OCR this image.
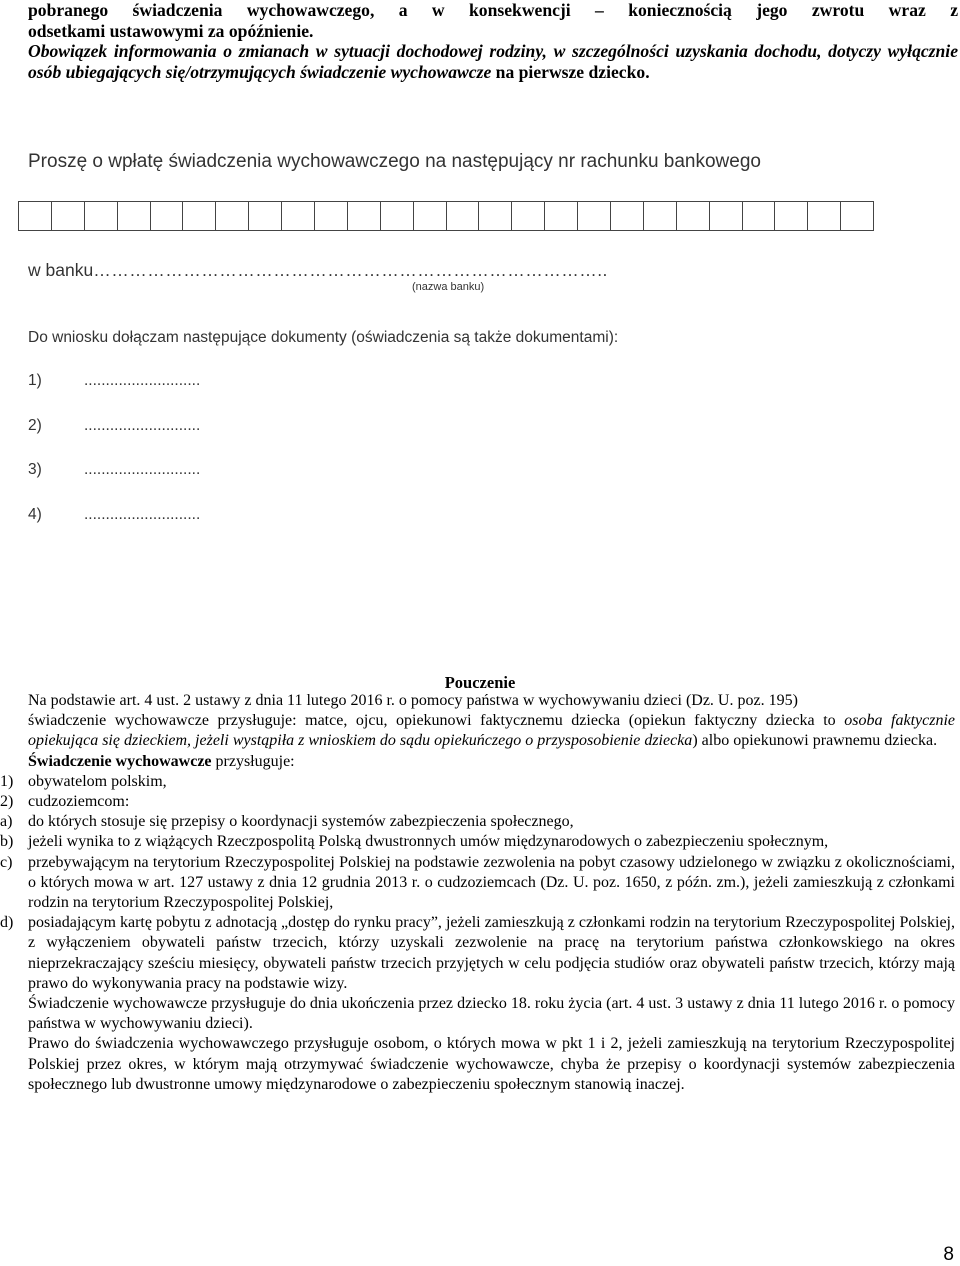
pobranego świadczenia wychowawczego, a w konsekwencji – koniecznością jego zwrotu wraz z

odsetkami ustawowymi za opóźnienie.

Obowiązek informowania o zmianach w sytuacji dochodowej rodziny, w szczególności uzyskania dochodu, dotyczy wyłącznie osób ubiegających się/otrzymujących świadczenie wychowawcze na pierwsze dziecko.

Proszę o wpłatę świadczenia wychowawczego na następujący nr rachunku bankowego
w banku…………………………………………………………………………..
(nazwa banku)
Do wniosku dołączam następujące dokumenty (oświadczenia są także dokumentami):
1)	...........................
2)	...........................
3)	...........................
4)	...........................
Pouczenie

Na podstawie art. 4 ust. 2 ustawy z dnia 11 lutego 2016 r. o pomocy państwa w wychowywaniu dzieci (Dz. U. poz. 195)

świadczenie wychowawcze przysługuje: matce, ojcu, opiekunowi faktycznemu dziecka (opiekun faktyczny dziecka to osoba faktycznie opiekująca się dzieckiem, jeżeli wystąpiła z wnioskiem do sądu opiekuńczego o przysposobienie dziecka) albo opiekunowi prawnemu dziecka.

Świadczenie wychowawcze przysługuje:

1) obywatelom polskim,
2) cudzoziemcom:
a) do których stosuje się przepisy o koordynacji systemów zabezpieczenia społecznego,
b) jeżeli wynika to z wiążących Rzeczpospolitą Polską dwustronnych umów międzynarodowych o zabezpieczeniu społecznym,
c) przebywającym na terytorium Rzeczypospolitej Polskiej na podstawie zezwolenia na pobyt czasowy udzielonego w związku z okolicznościami, o których mowa w art. 127 ustawy z dnia 12 grudnia 2013 r. o cudzoziemcach (Dz. U. poz. 1650, z późn. zm.), jeżeli zamieszkują z członkami rodzin na terytorium Rzeczypospolitej Polskiej,
d) posiadającym kartę pobytu z adnotacją „dostęp do rynku pracy”, jeżeli zamieszkują z członkami rodzin na terytorium Rzeczypospolitej Polskiej, z wyłączeniem obywateli państw trzecich, którzy uzyskali zezwolenie na pracę na terytorium państwa członkowskiego na okres nieprzekraczający sześciu miesięcy, obywateli państw trzecich przyjętych w celu podjęcia studiów oraz obywateli państw trzecich, którzy mają prawo do wykonywania pracy na podstawie wizy.

Świadczenie wychowawcze przysługuje do dnia ukończenia przez dziecko 18. roku życia (art. 4 ust. 3 ustawy z dnia 11 lutego 2016 r. o pomocy państwa w wychowywaniu dzieci).

Prawo do świadczenia wychowawczego przysługuje osobom, o których mowa w pkt 1 i 2, jeżeli zamieszkują na terytorium Rzeczypospolitej Polskiej przez okres, w którym mają otrzymywać świadczenie wychowawcze, chyba że przepisy o koordynacji systemów zabezpieczenia społecznego lub dwustronne umowy międzynarodowe o zabezpieczeniu społecznym stanowią inaczej.

8
